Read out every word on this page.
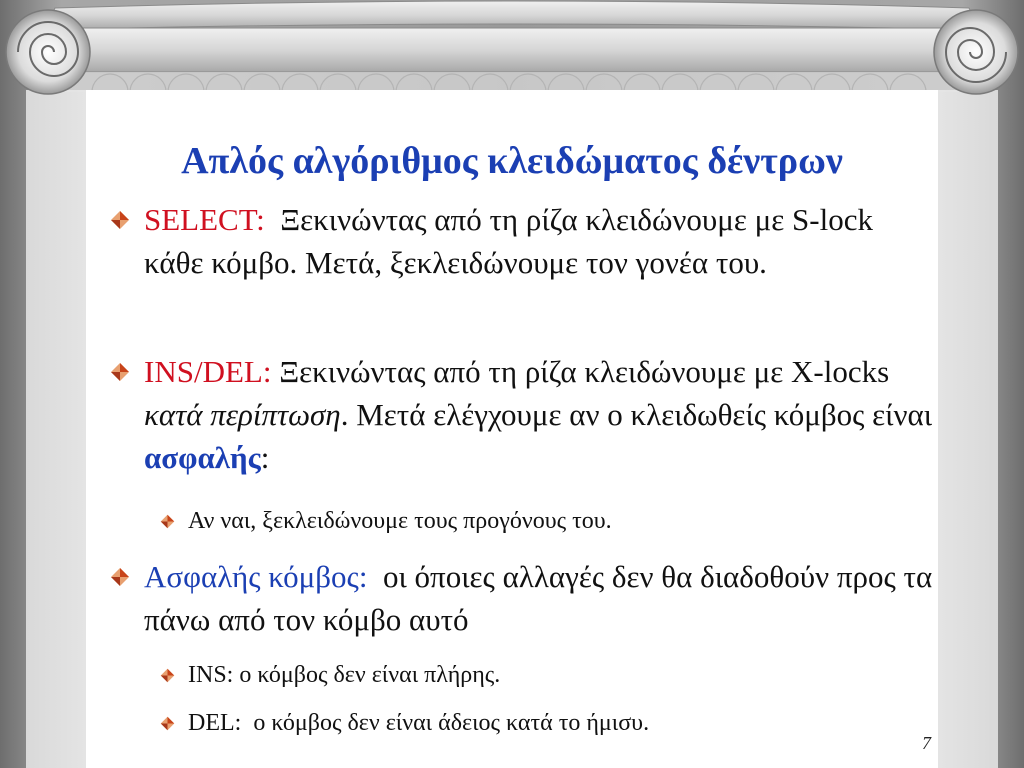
Απλός αλγόριθμος κλειδώματος δέντρων
SELECT:  Ξεκινώντας από τη ρίζα κλειδώνουμε με S-lock κάθε κόμβο. Μετά, ξεκλειδώνουμε τον γονέα του.
INS/DEL: Ξεκινώντας από τη ρίζα κλειδώνουμε με X-locks κατά περίπτωση. Μετά ελέγχουμε αν ο κλειδωθείς κόμβος είναι ασφαλής:
Αν ναι, ξεκλειδώνουμε τους προγόνους του.
Ασφαλής κόμβος:  οι όποιες αλλαγές δεν θα διαδοθούν προς τα πάνω από τον κόμβο αυτό
INS: ο κόμβος δεν είναι πλήρης.
DEL:  ο κόμβος δεν είναι άδειος κατά το ήμισυ.
7
